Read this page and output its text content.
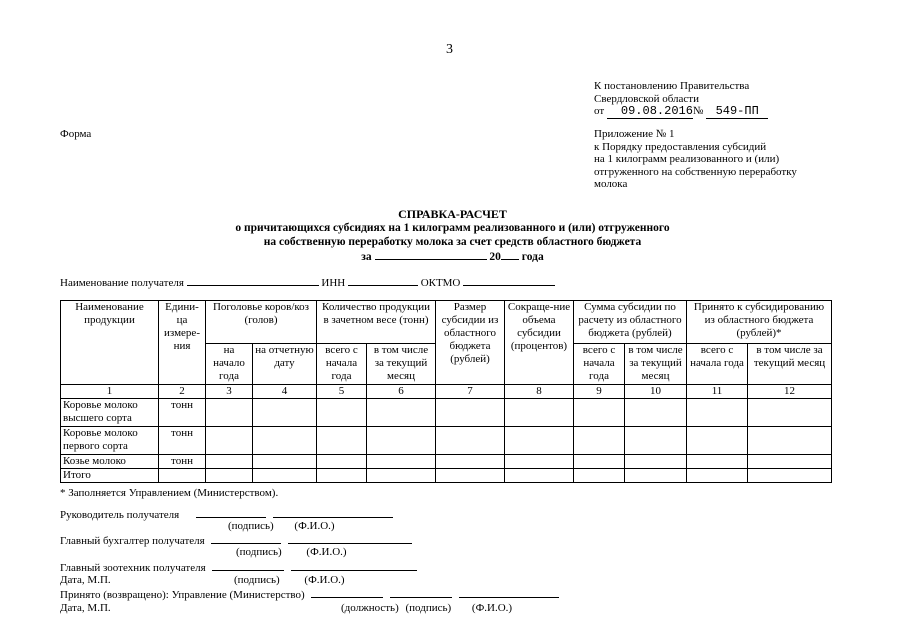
3
К постановлению Правительства
Свердловской области
от 09.08.2016№ 549-ПП
Форма	Приложение № 1
к Порядку предоставления субсидий
на 1 килограмм реализованного и (или)
отгруженного на собственную переработку
молока
СПРАВКА-РАСЧЕТ
о причитающихся субсидиях на 1 килограмм реализованного и (или) отгруженного
на собственную переработку молока за счет средств областного бюджета
за	20 года
Наименование получателя	ИНН	ОКТМО
Наименование продукции	Едини-ца измере-ния	Поголовье коров/коз (голов)		Количество продукции в зачетном весе (тонн)		Размер субсидии из областного бюджета (рублей)	Сокраще-ние объема субсидии (процентов)	Сумма субсидии по расчету из областного бюджета (рублей)		Принято к субсидированию из областного бюджета (рублей)*	
		на начало года	на отчетную дату	всего с начала года	в том числе за текущий месяц			всего с начала года	в том числе за текущий месяц	всего с начала года	в том числе за текущий месяц
1	2	3	4	5	6	7	8	9	10	11	12
Коровье молоко высшего сорта	тонн										
Коровье молоко первого сорта	тонн										
Козье молоко	тонн										
Итого											
* Заполняется Управлением (Министерством).
Руководитель получателя
(подпись) (Ф.И.О.)
Главный бухгалтер получателя
(подпись) (Ф.И.О.)
Главный зоотехник получателя
Дата, М.П.	(подпись) (Ф.И.О.)
Принято (возвращено): Управление (Министерство)
Дата, М.П.	(должность) (подпись) (Ф.И.О.)
